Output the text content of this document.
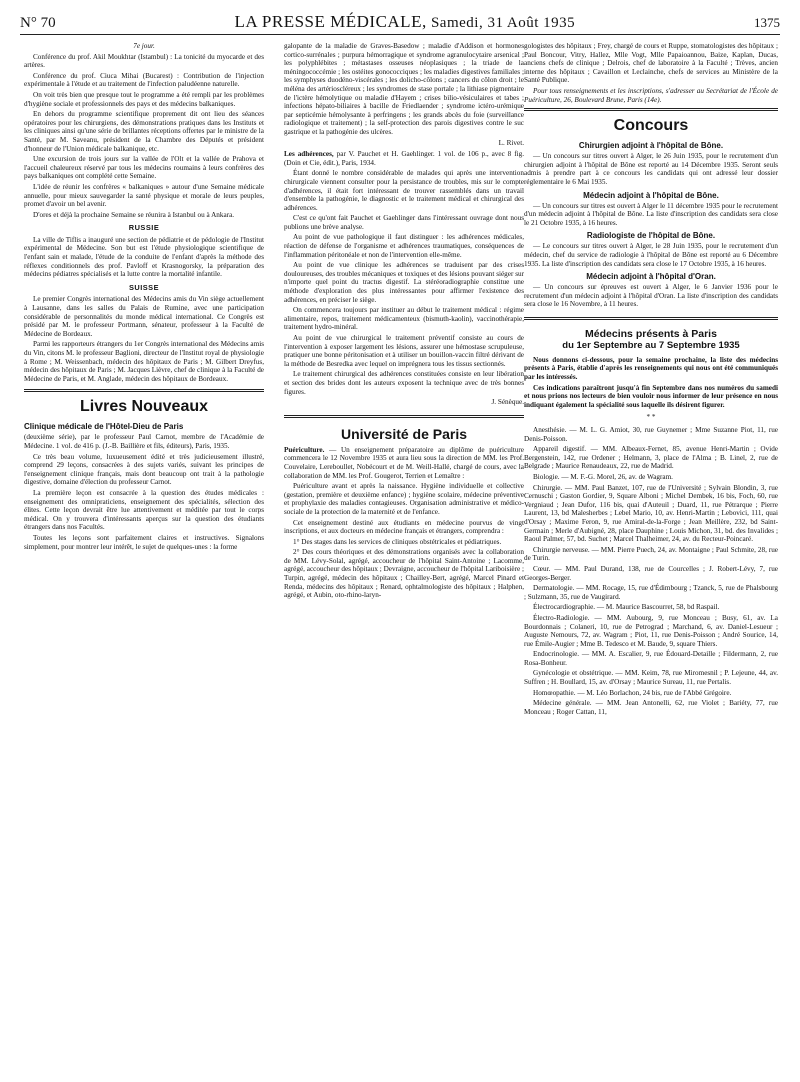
N° 70	LA PRESSE MÉDICALE, Samedi, 31 Août 1935	1375

7e jour.

Conférence du prof. Akil Moukhtar (Istambul) : La tonicité du myocarde et des artères.

Conférence du prof. Ciuca Mihai (Bucarest) : Contribution de l'injection expérimentale à l'étude et au traitement de l'infection paludéenne naturelle.

On voit très bien que presque tout le programme a été rempli par les problèmes d'hygiène sociale et professionnels des pays et des médecins balkaniques.

En dehors du programme scientifique proprement dit ont lieu des séances opératoires pour les chirurgiens, des démonstrations pratiques dans les Instituts et les cliniques ainsi qu'une série de brillantes réceptions offertes par le ministre de la Santé, par M. Saveanu, président de la Chambre des Députés et président d'honneur de l'Union médicale balkanique, etc.

Une excursion de trois jours sur la vallée de l'Olt et la vallée de Prahova et l'accueil chaleureux réservé par tous les médecins roumains à leurs confrères des pays balkaniques ont complété cette Semaine.

L'idée de réunir les confrères « balkaniques » autour d'une Semaine médicale annuelle, pour mieux sauvegarder la santé physique et morale de leurs peuples, promet d'avoir un bel avenir.

D'ores et déjà la prochaine Semaine se réunira à Istanbul ou à Ankara.

RUSSIE

La ville de Tiflis a inauguré une section de pédiatrie et de pédologie de l'Institut expérimental de Médecine. Son but est l'étude physiologique scientifique de l'enfant sain et malade, l'étude de la conduite de l'enfant d'après la méthode des réflexes conditionnels des prof. Pavloff et Krasnogorsky, la préparation des médecins pédiatres spécialisés et la lutte contre la mortalité infantile.

SUISSE

Le premier Congrès international des Médecins amis du Vin siège actuellement à Lausanne, dans les salles du Palais de Rumine, avec une participation considérable de personnalités du monde médical international. Ce Congrès est présidé par M. le professeur Portmann, sénateur, professeur à la Faculté de Médecine de Bordeaux.

Parmi les rapporteurs étrangers du 1er Congrès international des Médecins amis du Vin, citons M. le professeur Baglioni, directeur de l'Institut royal de physiologie à Rome ; M. Weissenbach, médecin des hôpitaux de Paris ; M. Gilbert Dreyfus, médecin des hôpitaux de Paris ; M. Jacques Lièvre, chef de clinique à la Faculté de Médecine de Paris, et M. Anglade, médecin des hôpitaux de Bordeaux.

Livres Nouveaux
Clinique médicale de l'Hôtel-Dieu de Paris

(deuxième série), par le professeur Paul Carnot, membre de l'Académie de Médecine. 1 vol. de 416 p. (J.-B. Baillière et fils, éditeurs), Paris, 1935.

Ce très beau volume, luxueusement édité et très judicieusement illustré, comprend 29 leçons, consacrées à des sujets variés, suivant les principes de l'enseignement clinique français, mais dont beaucoup ont trait à la pathologie digestive, domaine d'élection du professeur Carnot.

La première leçon est consacrée à la question des études médicales : enseignement des omnipraticiens, enseignement des spécialités, sélection des élites. Cette leçon devrait être lue attentivement et méditée par tout le corps médical. On y trouvera d'intéressants aperçus sur la question des étudiants étrangers dans nos Facultés.

Toutes les leçons sont parfaitement claires et instructives. Signalons simplement, pour montrer leur intérêt, le sujet de quelques-unes : la forme

galopante de la maladie de Graves-Basedow ; maladie d'Addison et hormones cortico-surrénales ; purpura hémorragique et syndrome agranulocytaire arsenical ; les polyphlébites ; métastases osseuses néoplasiques ; la triade de la méningococcémie ; les ostéites gonococciques ; les maladies digestives familiales ; les symphyses duodéno-viscérales ; les dolicho-côlons ; cancers du côlon droit ; le méléna des artérioscléreux ; les syndromes de stase portale ; la lithiase pigmentaire de l'ictère hémolytique ou maladie d'Hayem ; crises bilio-vésiculaires et tabes ; infections hépato-biliaires à bacille de Friedlaender ; syndrome ictéro-urémique par septicémie hémolysante à perfringens ; les grands abcès du foie (surveillance radiologique et traitement) ; la self-protection des parois digestives contre le suc gastrique et la pathogénie des ulcères.

L. Rivet.

Les adhérences, par V. Pauchet et H. Gaehlinger. 1 vol. de 106 p., avec 8 fig. (Doin et Cie, édit.), Paris, 1934.

Étant donné le nombre considérable de malades qui après une intervention chirurgicale viennent consulter pour la persistance de troubles, mis sur le compte d'adhérences, il était fort intéressant de trouver rassemblés dans un travail d'ensemble la pathogénie, le diagnostic et le traitement médical et chirurgical des adhérences.

C'est ce qu'ont fait Pauchet et Gaehlinger dans l'intéressant ouvrage dont nous publions une brève analyse.

Au point de vue pathologique il faut distinguer : les adhérences médicales, réaction de défense de l'organisme et adhérences traumatiques, conséquences de l'inflammation péritonéale et non de l'intervention elle-même.

Au point de vue clinique les adhérences se traduisent par des crises douloureuses, des troubles mécaniques et toxiques et des lésions pouvant siéger sur n'importe quel point du tractus digestif. La stéréoradiographie constitue une méthode d'exploration des plus intéressantes pour affirmer l'existence des adhérences, en préciser le siège.

On commencera toujours par instituer au début le traitement médical : régime alimentaire, repos, traitement médicamenteux (bismuth-kaolin), vaccinothérapie, traitement hydro-minéral.

Au point de vue chirurgical le traitement préventif consiste au cours de l'intervention à exposer largement les lésions, assurer une hémostase scrupuleuse, pratiquer une bonne péritonisation et à utiliser un bouillon-vaccin filtré dérivant de la méthode de Besredka avec lequel on imprégnera tous les tissus sectionnés.

Le traitement chirurgical des adhérences constituées consiste en leur libération et section des brides dont les auteurs exposent la technique avec de très bonnes figures.

J. Sénèque.
Université de Paris

Puériculture. — Un enseignement préparatoire au diplôme de puériculture commencera le 12 Novembre 1935 et aura lieu sous la direction de MM. les Prof. Couvelaire, Lereboullet, Nobécourt et de M. Weill-Hallé, chargé de cours, avec la collaboration de MM. les Prof. Gougerot, Terrien et Lemaître :

Puériculture avant et après la naissance. Hygiène individuelle et collective (gestation, première et deuxième enfance) ; hygiène scolaire, médecine préventive et prophylaxie des maladies contagieuses. Organisation administrative et médico-sociale de la protection de la maternité et de l'enfance.

Cet enseignement destiné aux étudiants en médecine pourvus de vingt inscriptions, et aux docteurs en médecine français et étrangers, comprendra :

1° Des stages dans les services de cliniques obstétricales et pédiatriques.

2° Des cours théoriques et des démonstrations organisés avec la collaboration de MM. Lévy-Solal, agrégé, accoucheur de l'hôpital Saint-Antoine ; Lacomme, agrégé, accoucheur des hôpitaux ; Devraigne, accoucheur de l'hôpital Lariboisière ; Turpin, agrégé, médecin des hôpitaux ; Chailley-Bert, agrégé, Marcel Pinard et Renda, médecins des hôpitaux ; Renard, ophtalmologiste des hôpitaux ; Halphen, agrégé, et Aubin, oto-rhino-laryn-

gologistes des hôpitaux ; Frey, chargé de cours et Ruppe, stomatologistes des hôpitaux ; Paul Boncour, Vitry, Hallez, Mlle Vogt, Mlle Papaioannou, Baize, Kaplan, Ducas, anciens chefs de clinique ; Delrois, chef de laboratoire à la Faculté ; Trèves, ancien interne des hôpitaux ; Cavaillon et Leclainche, chefs de services au Ministère de la Santé Publique.

Pour tous renseignements et les inscriptions, s'adresser au Secrétariat de l'École de Puériculture, 26, Boulevard Brune, Paris (14e).

Concours
Chirurgien adjoint à l'hôpital de Bône.

— Un concours sur titres ouvert à Alger, le 26 Juin 1935, pour le recrutement d'un chirurgien adjoint à l'hôpital de Bône est reporté au 14 Décembre 1935. Seront seuls admis à prendre part à ce concours les candidats qui ont adressé leur dossier réglementaire le 6 Mai 1935.

Médecin adjoint à l'hôpital de Bône.

— Un concours sur titres est ouvert à Alger le 11 décembre 1935 pour le recrutement d'un médecin adjoint à l'hôpital de Bône. La liste d'inscription des candidats sera close le 21 Octobre 1935, à 16 heures.

Radiologiste de l'hôpital de Bône.

— Le concours sur titres ouvert à Alger, le 28 Juin 1935, pour le recrutement d'un médecin, chef du service de radiologie à l'hôpital de Bône est reporté au 6 Décembre 1935. La liste d'inscription des candidats sera close le 17 Octobre 1935, à 16 heures.

Médecin adjoint à l'hôpital d'Oran.

— Un concours sur épreuves est ouvert à Alger, le 6 Janvier 1936 pour le recrutement d'un médecin adjoint à l'hôpital d'Oran. La liste d'inscription des candidats sera close le 16 Novembre, à 11 heures.

Médecins présents à Paris
du 1er Septembre au 7 Septembre 1935

Nous donnons ci-dessous, pour la semaine prochaine, la liste des médecins présents à Paris, établie d'après les renseignements qui nous ont été communiqués par les intéressés.

Ces indications paraîtront jusqu'à fin Septembre dans nos numéros du samedi et nous prions nos lecteurs de bien vouloir nous informer de leur présence en nous indiquant également la spécialité sous laquelle ils désirent figurer.

* *

Anesthésie. — M. L. G. Amiot, 30, rue Guynemer ; Mme Suzanne Piot, 11, rue Denis-Poisson.

Appareil digestif. — MM. Albeaux-Fernet, 85, avenue Henri-Martin ; Ovide Bergenstein, 142, rue Ordener ; Helmann, 3, place de l'Alma ; B. Linel, 2, rue de Belgrade ; Maurice Renaudeaux, 22, rue de Madrid.

Biologie. — M. F.-G. Morel, 26, av. de Wagram.

Chirurgie. — MM. Paul Banzet, 107, rue de l'Université ; Sylvain Blondin, 3, rue Cernuschi ; Gaston Gordier, 9, Square Alboni ; Michel Dembek, 16 bis, Foch, 60, rue Vergniaud ; Jean Dufor, 116 bis, quai d'Auteuil ; Duard, 11, rue Pétrarque ; Pierre Laurent, 13, bd Malesherbes ; Lebel Mario, 10, av. Henri-Martin ; Lebovici, 111, quai d'Orsay ; Maxime Feron, 9, rue Amiral-de-la-Forge ; Jean Meillère, 232, bd Saint-Germain ; Merle d'Aubigné, 28, place Dauphine ; Louis Michon, 31, bd. des Invalides ; Raoul Palmer, 57, bd. Suchet ; Marcel Thalheimer, 24, av. du Recteur-Poincaré.

Chirurgie nerveuse. — MM. Pierre Puech, 24, av. Montaigne ; Paul Schmite, 28, rue de Turin.

Cœur. — MM. Paul Durand, 138, rue de Courcelles ; J. Robert-Lévy, 7, rue Georges-Berger.

Dermatologie. — MM. Rocage, 15, rue d'Édimbourg ; Tzanck, 5, rue de Phalsbourg ; Sulzmann, 35, rue de Vaugirard.

Électrocardiographie. — M. Maurice Bascourret, 58, bd Raspail.

Électro-Radiologie. — MM. Aubourg, 9, rue Monceau ; Busy, 61, av. La Bourdonnais ; Colaneri, 10, rue de Petrograd ; Marchand, 6, av. Daniel-Lesueur ; Auguste Nemours, 72, av. Wagram ; Piot, 11, rue Denis-Poisson ; André Sourice, 14, rue Émile-Augier ; Mme B. Tedesco et M. Baude, 9, square Thiers.

Endocrinologie. — MM. A. Escalier, 9, rue Édouard-Detaille ; Fildermann, 2, rue Rosa-Bonheur.

Gynécologie et obstétrique. — MM. Keim, 78, rue Miromesnil ; P. Lejeune, 44, av. Suffren ; H. Boullard, 15, av. d'Orsay ; Maurice Sureau, 11, rue Pertalis.

Homœopathie. — M. Léo Borlachon, 24 bis, rue de l'Abbé Grégoire.

Médecine générale. — MM. Jean Antonelli, 62, rue Violet ; Bariéty, 77, rue Monceau ; Roger Cattan, 11,
